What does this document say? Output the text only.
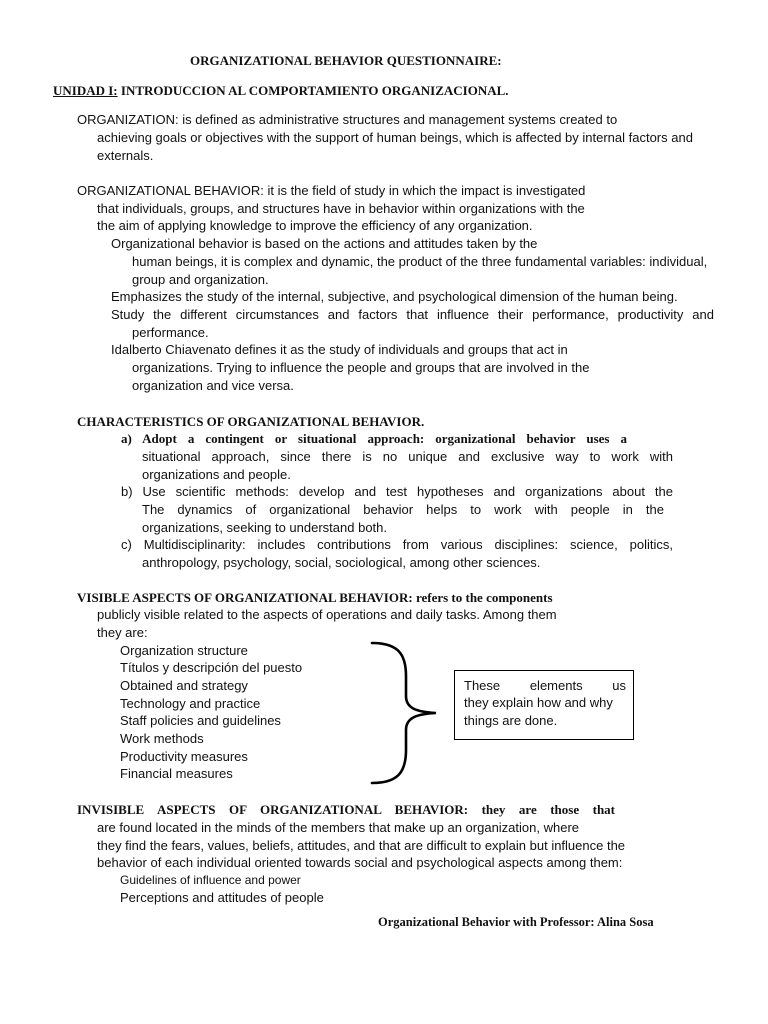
ORGANIZATIONAL BEHAVIOR QUESTIONNAIRE:
UNIDAD I: INTRODUCCION AL COMPORTAMIENTO ORGANIZACIONAL.
ORGANIZATION: is defined as administrative structures and management systems created to
achieving goals or objectives with the support of human beings, which is affected by internal factors and
externals.
ORGANIZATIONAL BEHAVIOR: it is the field of study in which the impact is investigated
that individuals, groups, and structures have in behavior within organizations with the
the aim of applying knowledge to improve the efficiency of any organization.
Organizational behavior is based on the actions and attitudes taken by the
human beings, it is complex and dynamic, the product of the three fundamental variables: individual,
group and organization.
Emphasizes the study of the internal, subjective, and psychological dimension of the human being.
Study the different circumstances and factors that influence their performance, productivity and
performance.
Idalberto Chiavenato defines it as the study of individuals and groups that act in
organizations. Trying to influence the people and groups that are involved in the
organization and vice versa.
CHARACTERISTICS OF ORGANIZATIONAL BEHAVIOR.
a) Adopt a contingent or situational approach: organizational behavior uses a
situational approach, since there is no unique and exclusive way to work with
organizations and people.
b) Use scientific methods: develop and test hypotheses and organizations about the
The dynamics of organizational behavior helps to work with people in the
organizations, seeking to understand both.
c) Multidisciplinarity: includes contributions from various disciplines: science, politics,
anthropology, psychology, social, sociological, among other sciences.
VISIBLE ASPECTS OF ORGANIZATIONAL BEHAVIOR: refers to the components
publicly visible related to the aspects of operations and daily tasks. Among them
they are:
Organization structure
Títulos y descripción del puesto
Obtained and strategy
Technology and practice
Staff policies and guidelines
Work methods
Productivity measures
Financial measures
These elements us
they explain how and why
things are done.
INVISIBLE ASPECTS OF ORGANIZATIONAL BEHAVIOR: they are those that
are found located in the minds of the members that make up an organization, where
they find the fears, values, beliefs, attitudes, and that are difficult to explain but influence the
behavior of each individual oriented towards social and psychological aspects among them:
Guidelines of influence and power
Perceptions and attitudes of people
Organizational Behavior with Professor: Alina Sosa
